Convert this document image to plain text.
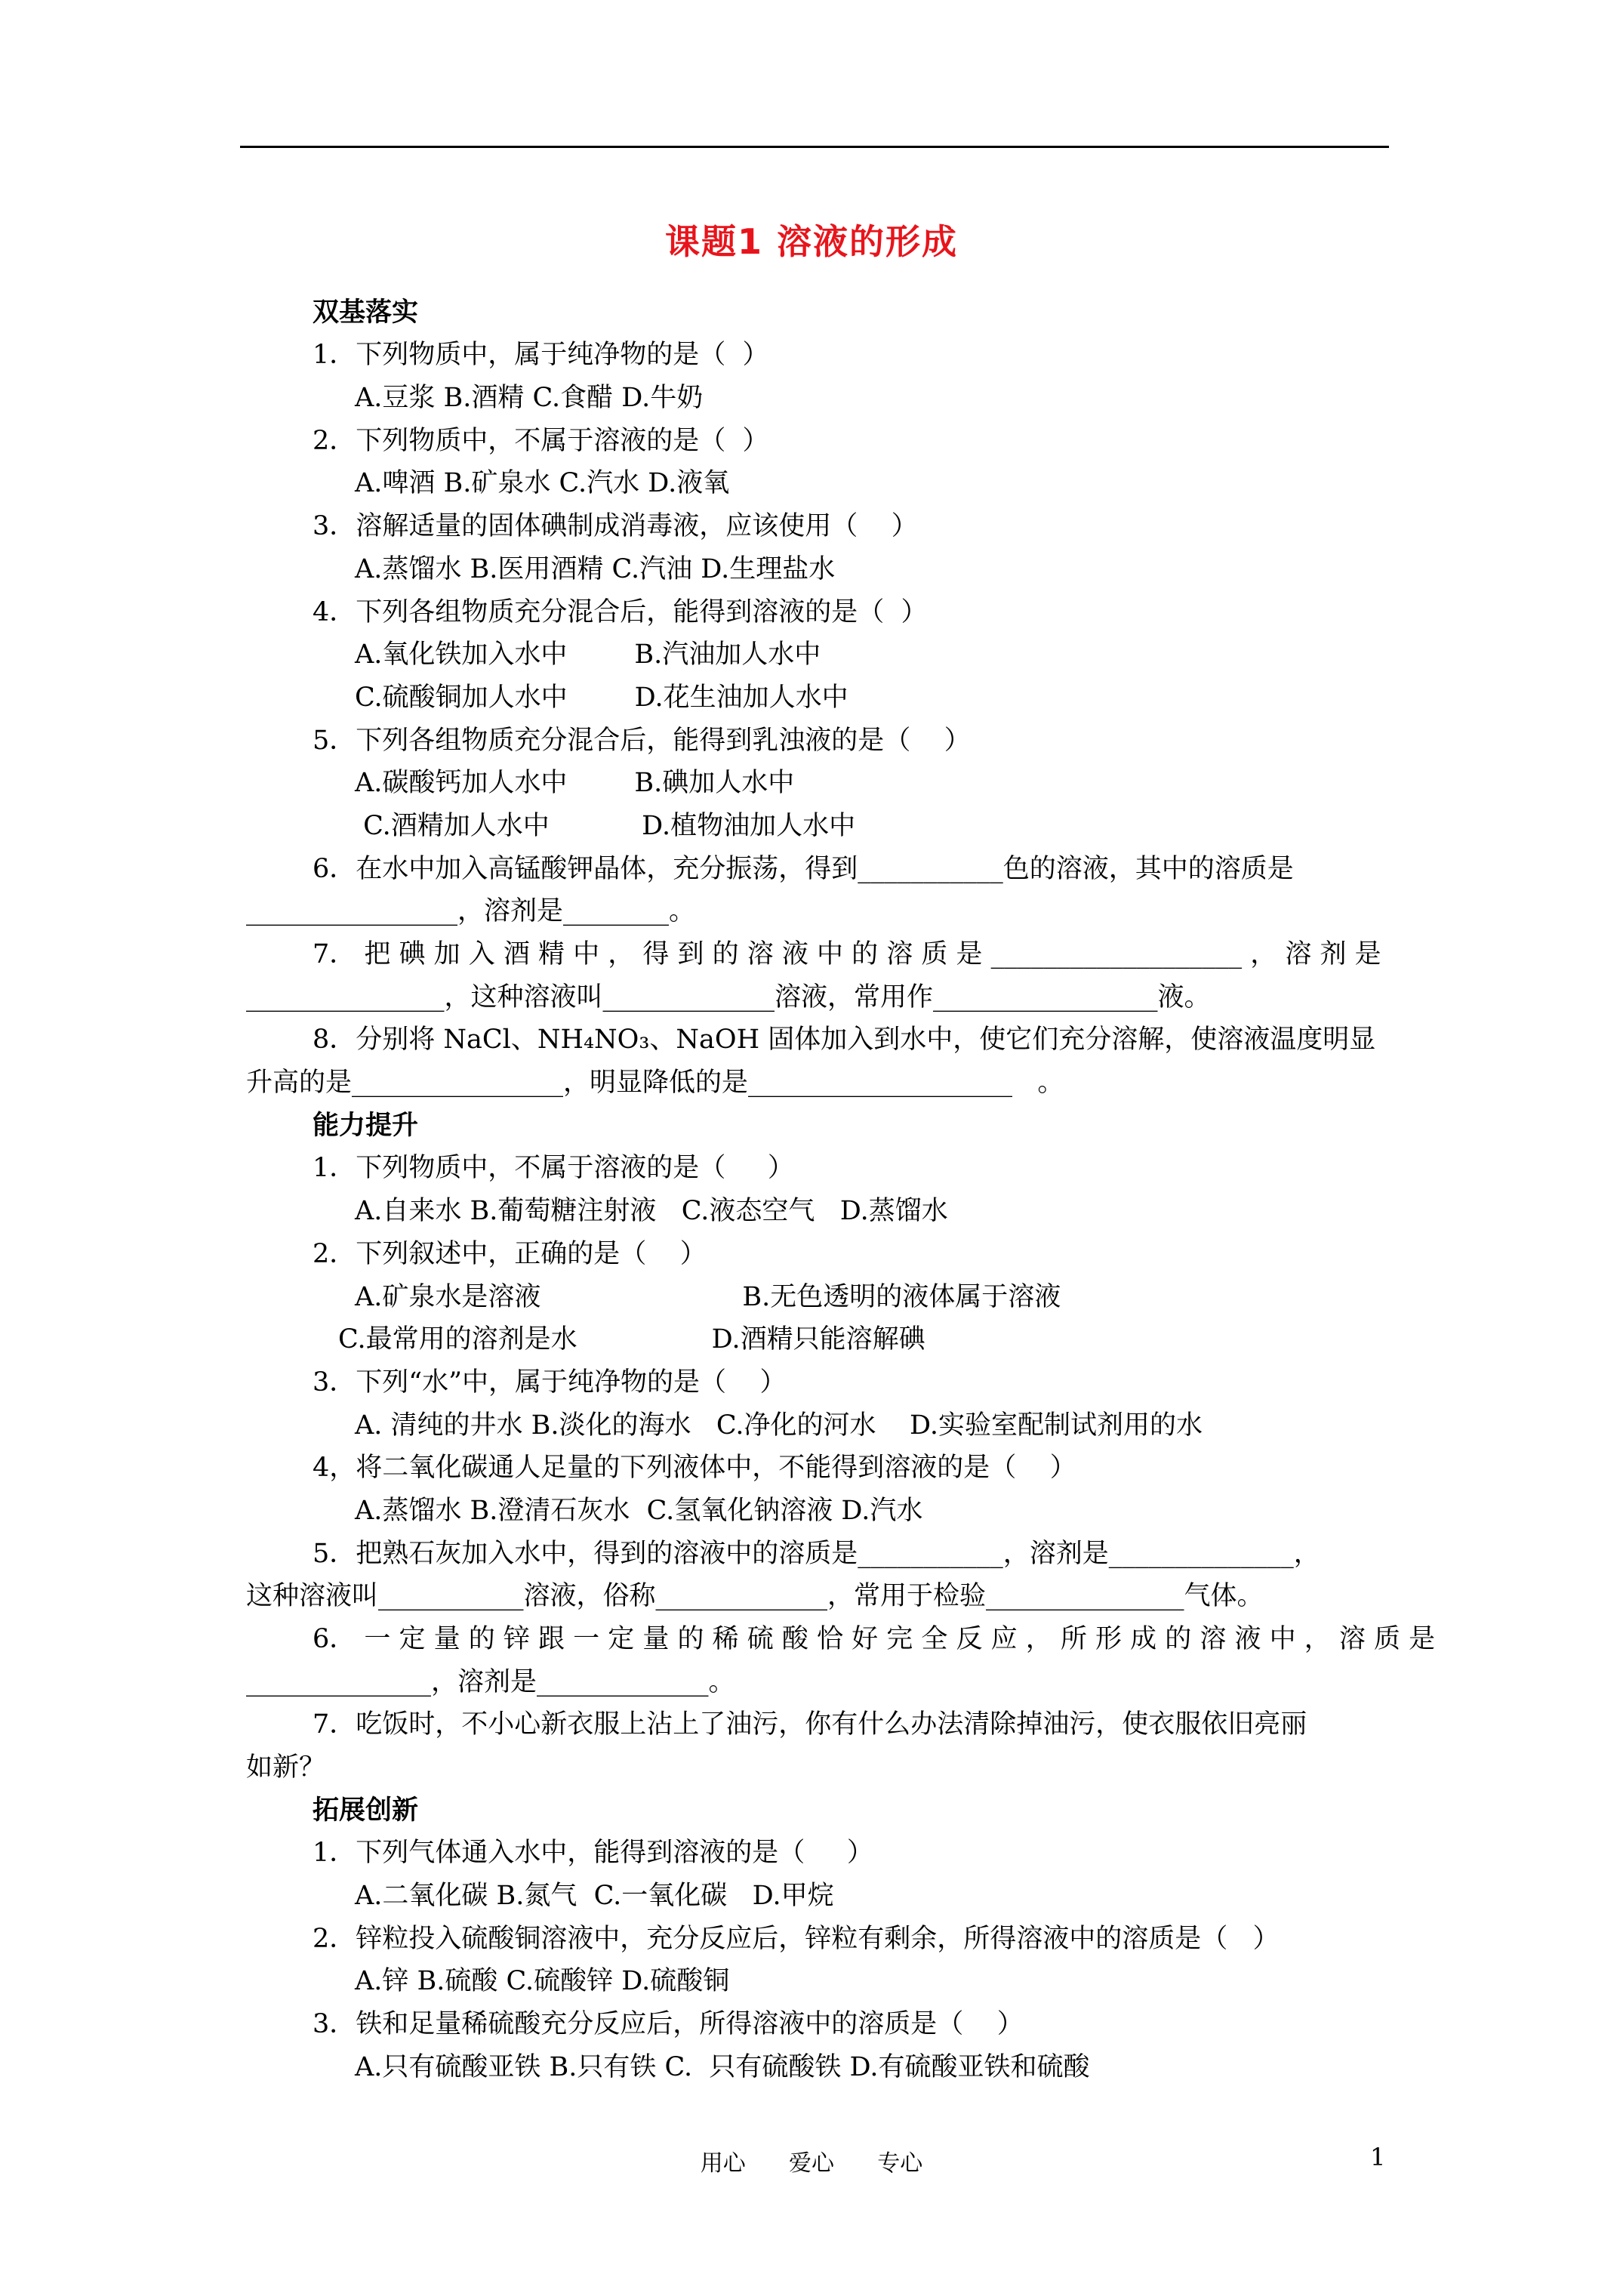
课题1 溶液的形成
双基落实
1．下列物质中，属于纯净物的是（  ）
A.豆浆 B.酒精 C.食醋 D.牛奶
2．下列物质中，不属于溶液的是（  ）
A.啤酒 B.矿泉水 C.汽水 D.液氧
3．溶解适量的固体碘制成消毒液，应该使用（    ）
A.蒸馏水 B.医用酒精 C.汽油 D.生理盐水
4．下列各组物质充分混合后，能得到溶液的是（  ）
A.氧化铁加入水中        B.汽油加人水中
C.硫酸铜加人水中        D.花生油加人水中
5．下列各组物质充分混合后，能得到乳浊液的是（    ）
A.碳酸钙加人水中        B.碘加人水中
C.酒精加人水中           D.植物油加人水中
6．在水中加入高锰酸钾晶体，充分振荡，得到___________色的溶液，其中的溶质是
________________，溶剂是________。
7． 把 碘 加 入 酒 精 中 ， 得 到 的 溶 液 中 的 溶 质 是 ___________________ ， 溶 剂 是
_______________，这种溶液叫_____________溶液，常用作_________________液。
8．分别将 NaCl、NH₄NO₃、NaOH 固体加入到水中，使它们充分溶解，使溶液温度明显
升高的是________________，明显降低的是____________________   。
能力提升
1．下列物质中，不属于溶液的是（     ）
A.自来水 B.葡萄糖注射液   C.液态空气   D.蒸馏水
2．下列叙述中，正确的是（    ）
A.矿泉水是溶液                        B.无色透明的液体属于溶液
C.最常用的溶剂是水                D.酒精只能溶解碘
3．下列“水”中，属于纯净物的是（    ）
A. 清纯的井水 B.淡化的海水   C.净化的河水    D.实验室配制试剂用的水
4，将二氧化碳通人足量的下列液体中，不能得到溶液的是（    ）
A.蒸馏水 B.澄清石灰水  C.氢氧化钠溶液 D.汽水
5．把熟石灰加入水中，得到的溶液中的溶质是___________，溶剂是______________，
这种溶液叫___________溶液，俗称_____________，常用于检验_______________气体。
6． 一 定 量 的 锌 跟 一 定 量 的 稀 硫 酸 恰 好 完 全 反 应 ， 所 形 成 的 溶 液 中 ， 溶 质 是
______________，溶剂是_____________。
7．吃饭时，不小心新衣服上沾上了油污，你有什么办法清除掉油污，使衣服依旧亮丽
如新？
拓展创新
1．下列气体通入水中，能得到溶液的是（     ）
A.二氧化碳 B.氮气  C.一氧化碳   D.甲烷
2．锌粒投入硫酸铜溶液中，充分反应后，锌粒有剩余，所得溶液中的溶质是（   ）
A.锌 B.硫酸 C.硫酸锌 D.硫酸铜
3．铁和足量稀硫酸充分反应后，所得溶液中的溶质是（    ）
A.只有硫酸亚铁 B.只有铁 C.  只有硫酸铁 D.有硫酸亚铁和硫酸
用心      爱心      专心	1
